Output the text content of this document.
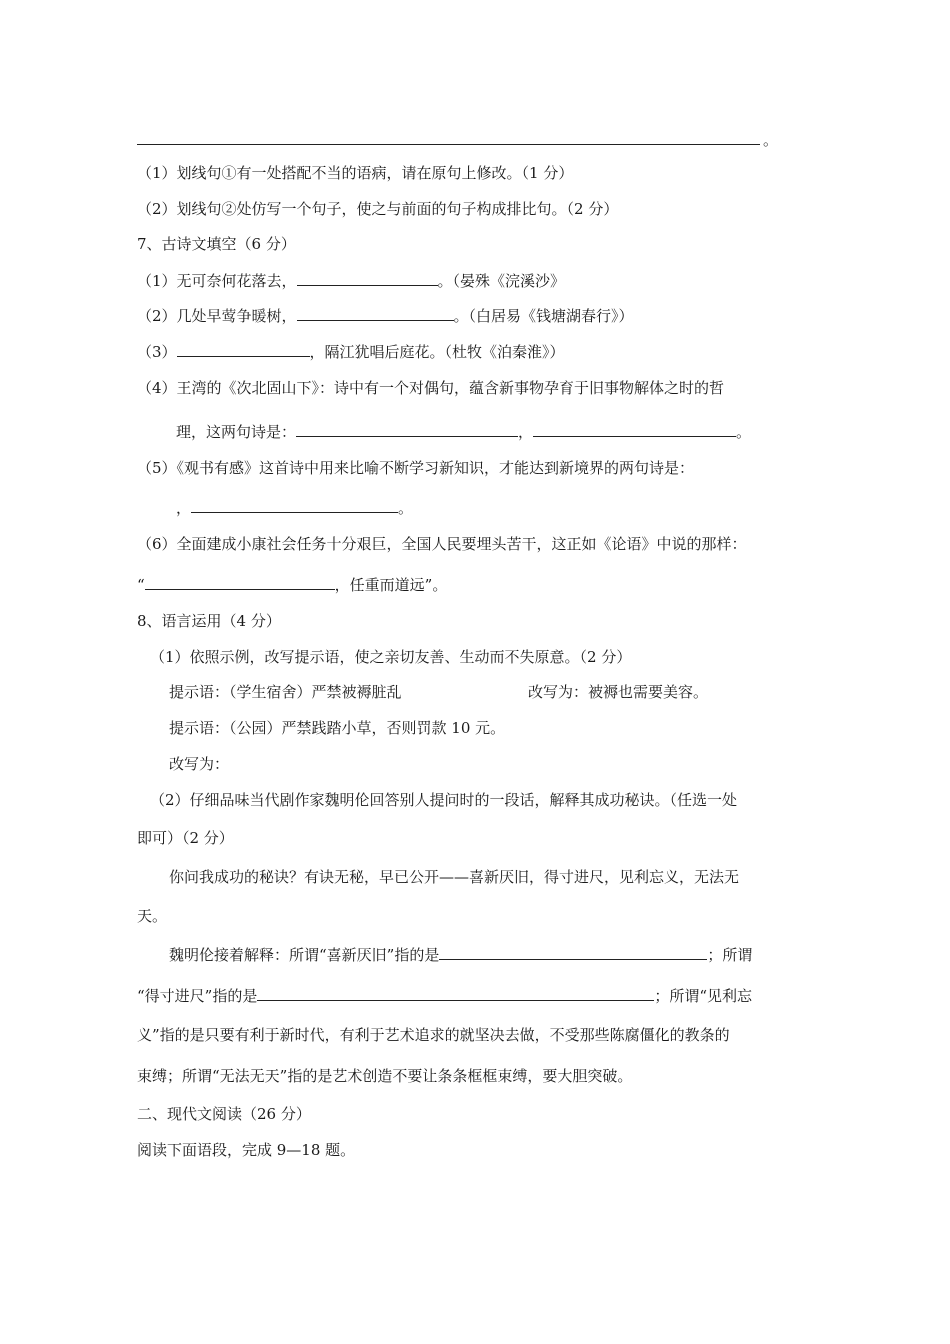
。
（1）划线句①有一处搭配不当的语病，请在原句上修改。（1 分）
（2）划线句②处仿写一个句子，使之与前面的句子构成排比句。（2 分）
7、古诗文填空（6 分）
（1）无可奈何花落去，	。（晏殊《浣溪沙》
（2）几处早莺争暖树，	。（白居易《钱塘湖春行》）
（3）	，隔江犹唱后庭花。（杜牧《泊秦淮》）
（4）王湾的《次北固山下》：诗中有一个对偶句，蕴含新事物孕育于旧事物解体之时的哲
理，这两句诗是：	，	。
（5）《观书有感》这首诗中用来比喻不断学习新知识，才能达到新境界的两句诗是：
，	。
（6）全面建成小康社会任务十分艰巨，全国人民要埋头苦干，这正如《论语》中说的那样：
“	，任重而道远”。
8、语言运用（4 分）
（1）依照示例，改写提示语，使之亲切友善、生动而不失原意。（2 分）
提示语：（学生宿舍）严禁被褥脏乱	改写为：被褥也需要美容。
提示语：（公园）严禁践踏小草，否则罚款 10 元。
改写为：
（2）仔细品味当代剧作家魏明伦回答别人提问时的一段话，解释其成功秘诀。（任选一处
即可）（2 分）
你问我成功的秘诀？有诀无秘，早已公开——喜新厌旧，得寸进尺，见利忘义，无法无
天。
魏明伦接着解释：所谓“喜新厌旧”指的是	；所谓
“得寸进尺”指的是	；所谓“见利忘
义”指的是只要有利于新时代，有利于艺术追求的就坚决去做，不受那些陈腐僵化的教条的
束缚；所谓“无法无天”指的是艺术创造不要让条条框框束缚，要大胆突破。
二、现代文阅读（26 分）
阅读下面语段，完成 9—18 题。
